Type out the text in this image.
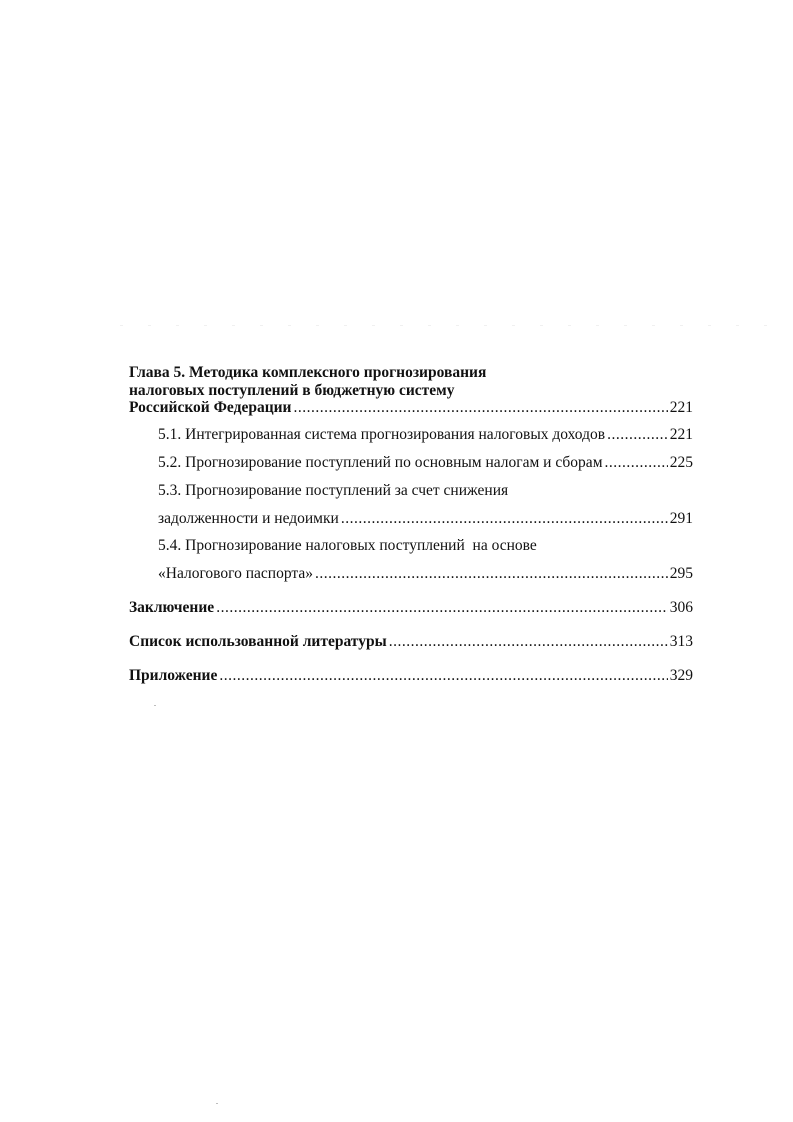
Глава 5. Методика комплексного прогнозирования
налоговых поступлений в бюджетную систему
Российской Федерации .....	221
5.1. Интегрированная система прогнозирования налоговых доходов .....	221
5.2. Прогнозирование поступлений по основным налогам и сборам .....	225
5.3. Прогнозирование поступлений за счет снижения
задолженности и недоимки .....	291
5.4. Прогнозирование налоговых поступлений  на основе
«Налогового паспорта» .....	295
Заключение .....	306
Список использованной литературы .....	313
Приложение .....	329
